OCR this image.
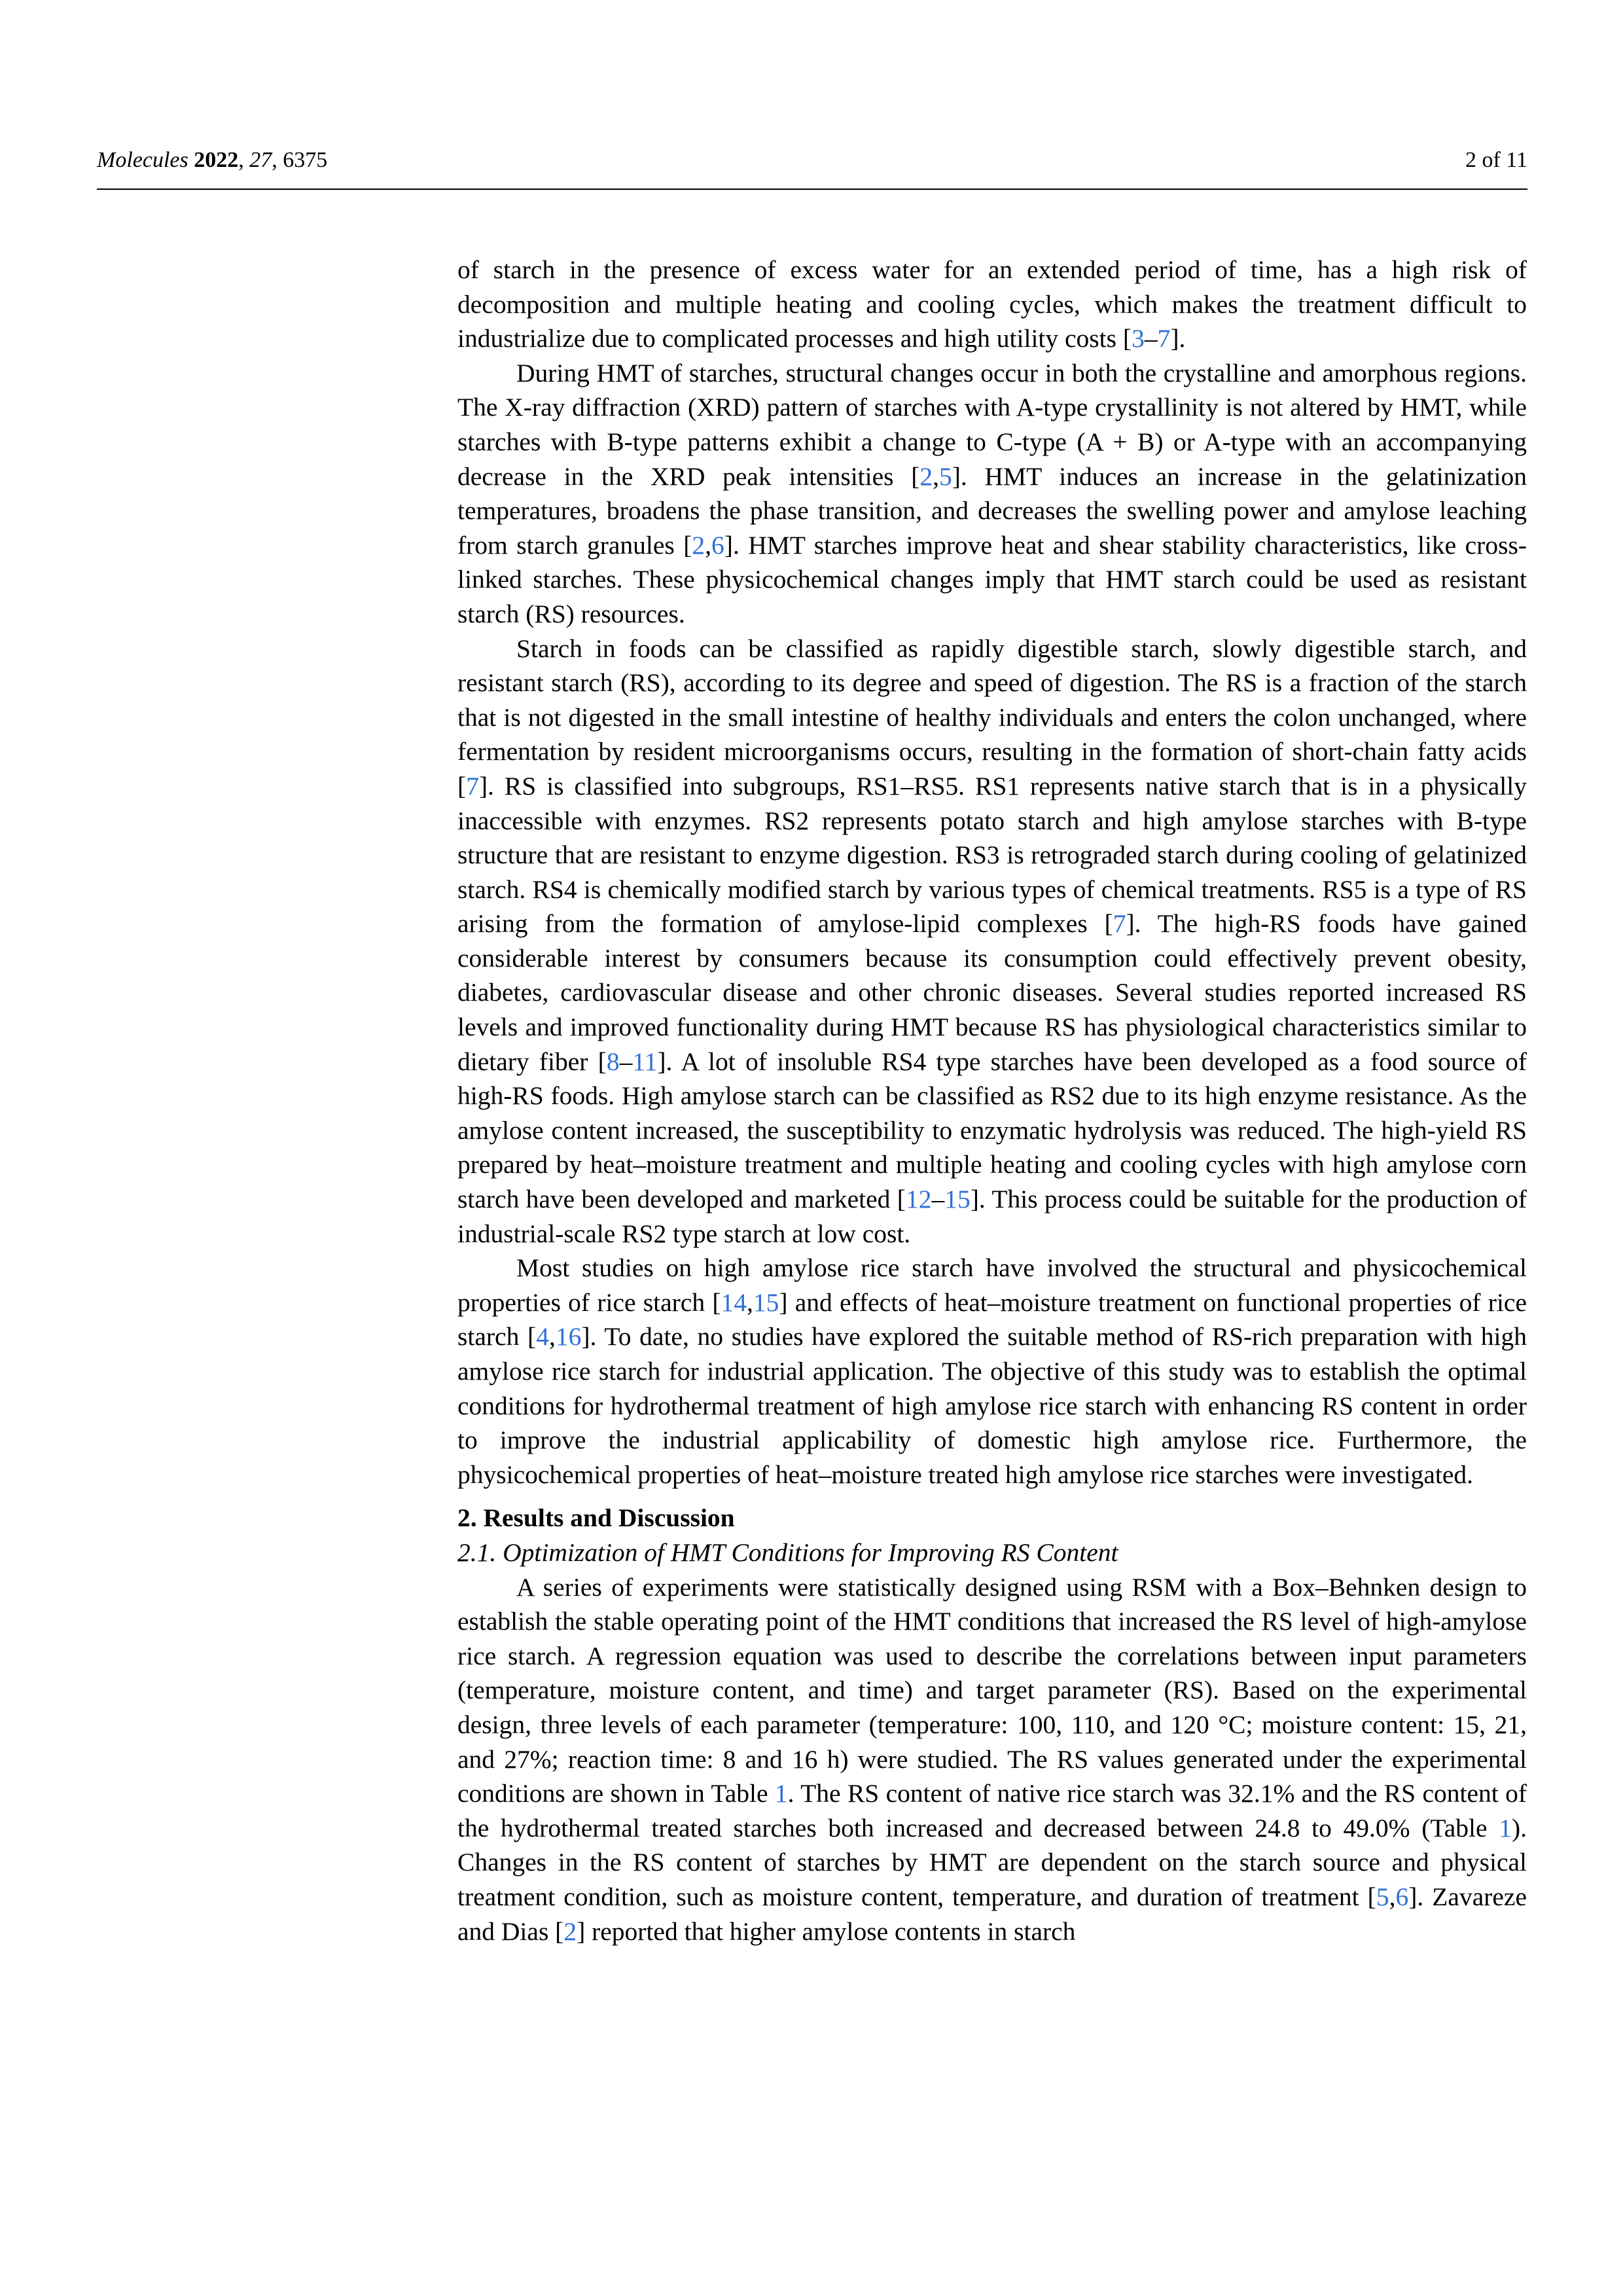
Molecules 2022, 27, 6375	2 of 11

of starch in the presence of excess water for an extended period of time, has a high risk of decomposition and multiple heating and cooling cycles, which makes the treatment difficult to industrialize due to complicated processes and high utility costs [3–7].

During HMT of starches, structural changes occur in both the crystalline and amorphous regions. The X-ray diffraction (XRD) pattern of starches with A-type crystallinity is not altered by HMT, while starches with B-type patterns exhibit a change to C-type (A + B) or A-type with an accompanying decrease in the XRD peak intensities [2,5]. HMT induces an increase in the gelatinization temperatures, broadens the phase transition, and decreases the swelling power and amylose leaching from starch granules [2,6]. HMT starches improve heat and shear stability characteristics, like cross-linked starches. These physicochemical changes imply that HMT starch could be used as resistant starch (RS) resources.

Starch in foods can be classified as rapidly digestible starch, slowly digestible starch, and resistant starch (RS), according to its degree and speed of digestion. The RS is a fraction of the starch that is not digested in the small intestine of healthy individuals and enters the colon unchanged, where fermentation by resident microorganisms occurs, resulting in the formation of short-chain fatty acids [7]. RS is classified into subgroups, RS1–RS5. RS1 represents native starch that is in a physically inaccessible with enzymes. RS2 represents potato starch and high amylose starches with B-type structure that are resistant to enzyme digestion. RS3 is retrograded starch during cooling of gelatinized starch. RS4 is chemically modified starch by various types of chemical treatments. RS5 is a type of RS arising from the formation of amylose-lipid complexes [7]. The high-RS foods have gained considerable interest by consumers because its consumption could effectively prevent obesity, diabetes, cardiovascular disease and other chronic diseases. Several studies reported increased RS levels and improved functionality during HMT because RS has physiological characteristics similar to dietary fiber [8–11]. A lot of insoluble RS4 type starches have been developed as a food source of high-RS foods. High amylose starch can be classified as RS2 due to its high enzyme resistance. As the amylose content increased, the susceptibility to enzymatic hydrolysis was reduced. The high-yield RS prepared by heat–moisture treatment and multiple heating and cooling cycles with high amylose corn starch have been developed and marketed [12–15]. This process could be suitable for the production of industrial-scale RS2 type starch at low cost.

Most studies on high amylose rice starch have involved the structural and physicochemical properties of rice starch [14,15] and effects of heat–moisture treatment on functional properties of rice starch [4,16]. To date, no studies have explored the suitable method of RS-rich preparation with high amylose rice starch for industrial application. The objective of this study was to establish the optimal conditions for hydrothermal treatment of high amylose rice starch with enhancing RS content in order to improve the industrial applicability of domestic high amylose rice. Furthermore, the physicochemical properties of heat–moisture treated high amylose rice starches were investigated.

2. Results and Discussion

2.1. Optimization of HMT Conditions for Improving RS Content

A series of experiments were statistically designed using RSM with a Box–Behnken design to establish the stable operating point of the HMT conditions that increased the RS level of high-amylose rice starch. A regression equation was used to describe the correlations between input parameters (temperature, moisture content, and time) and target parameter (RS). Based on the experimental design, three levels of each parameter (temperature: 100, 110, and 120 °C; moisture content: 15, 21, and 27%; reaction time: 8 and 16 h) were studied. The RS values generated under the experimental conditions are shown in Table 1. The RS content of native rice starch was 32.1% and the RS content of the hydrothermal treated starches both increased and decreased between 24.8 to 49.0% (Table 1). Changes in the RS content of starches by HMT are dependent on the starch source and physical treatment condition, such as moisture content, temperature, and duration of treatment [5,6]. Zavareze and Dias [2] reported that higher amylose contents in starch
